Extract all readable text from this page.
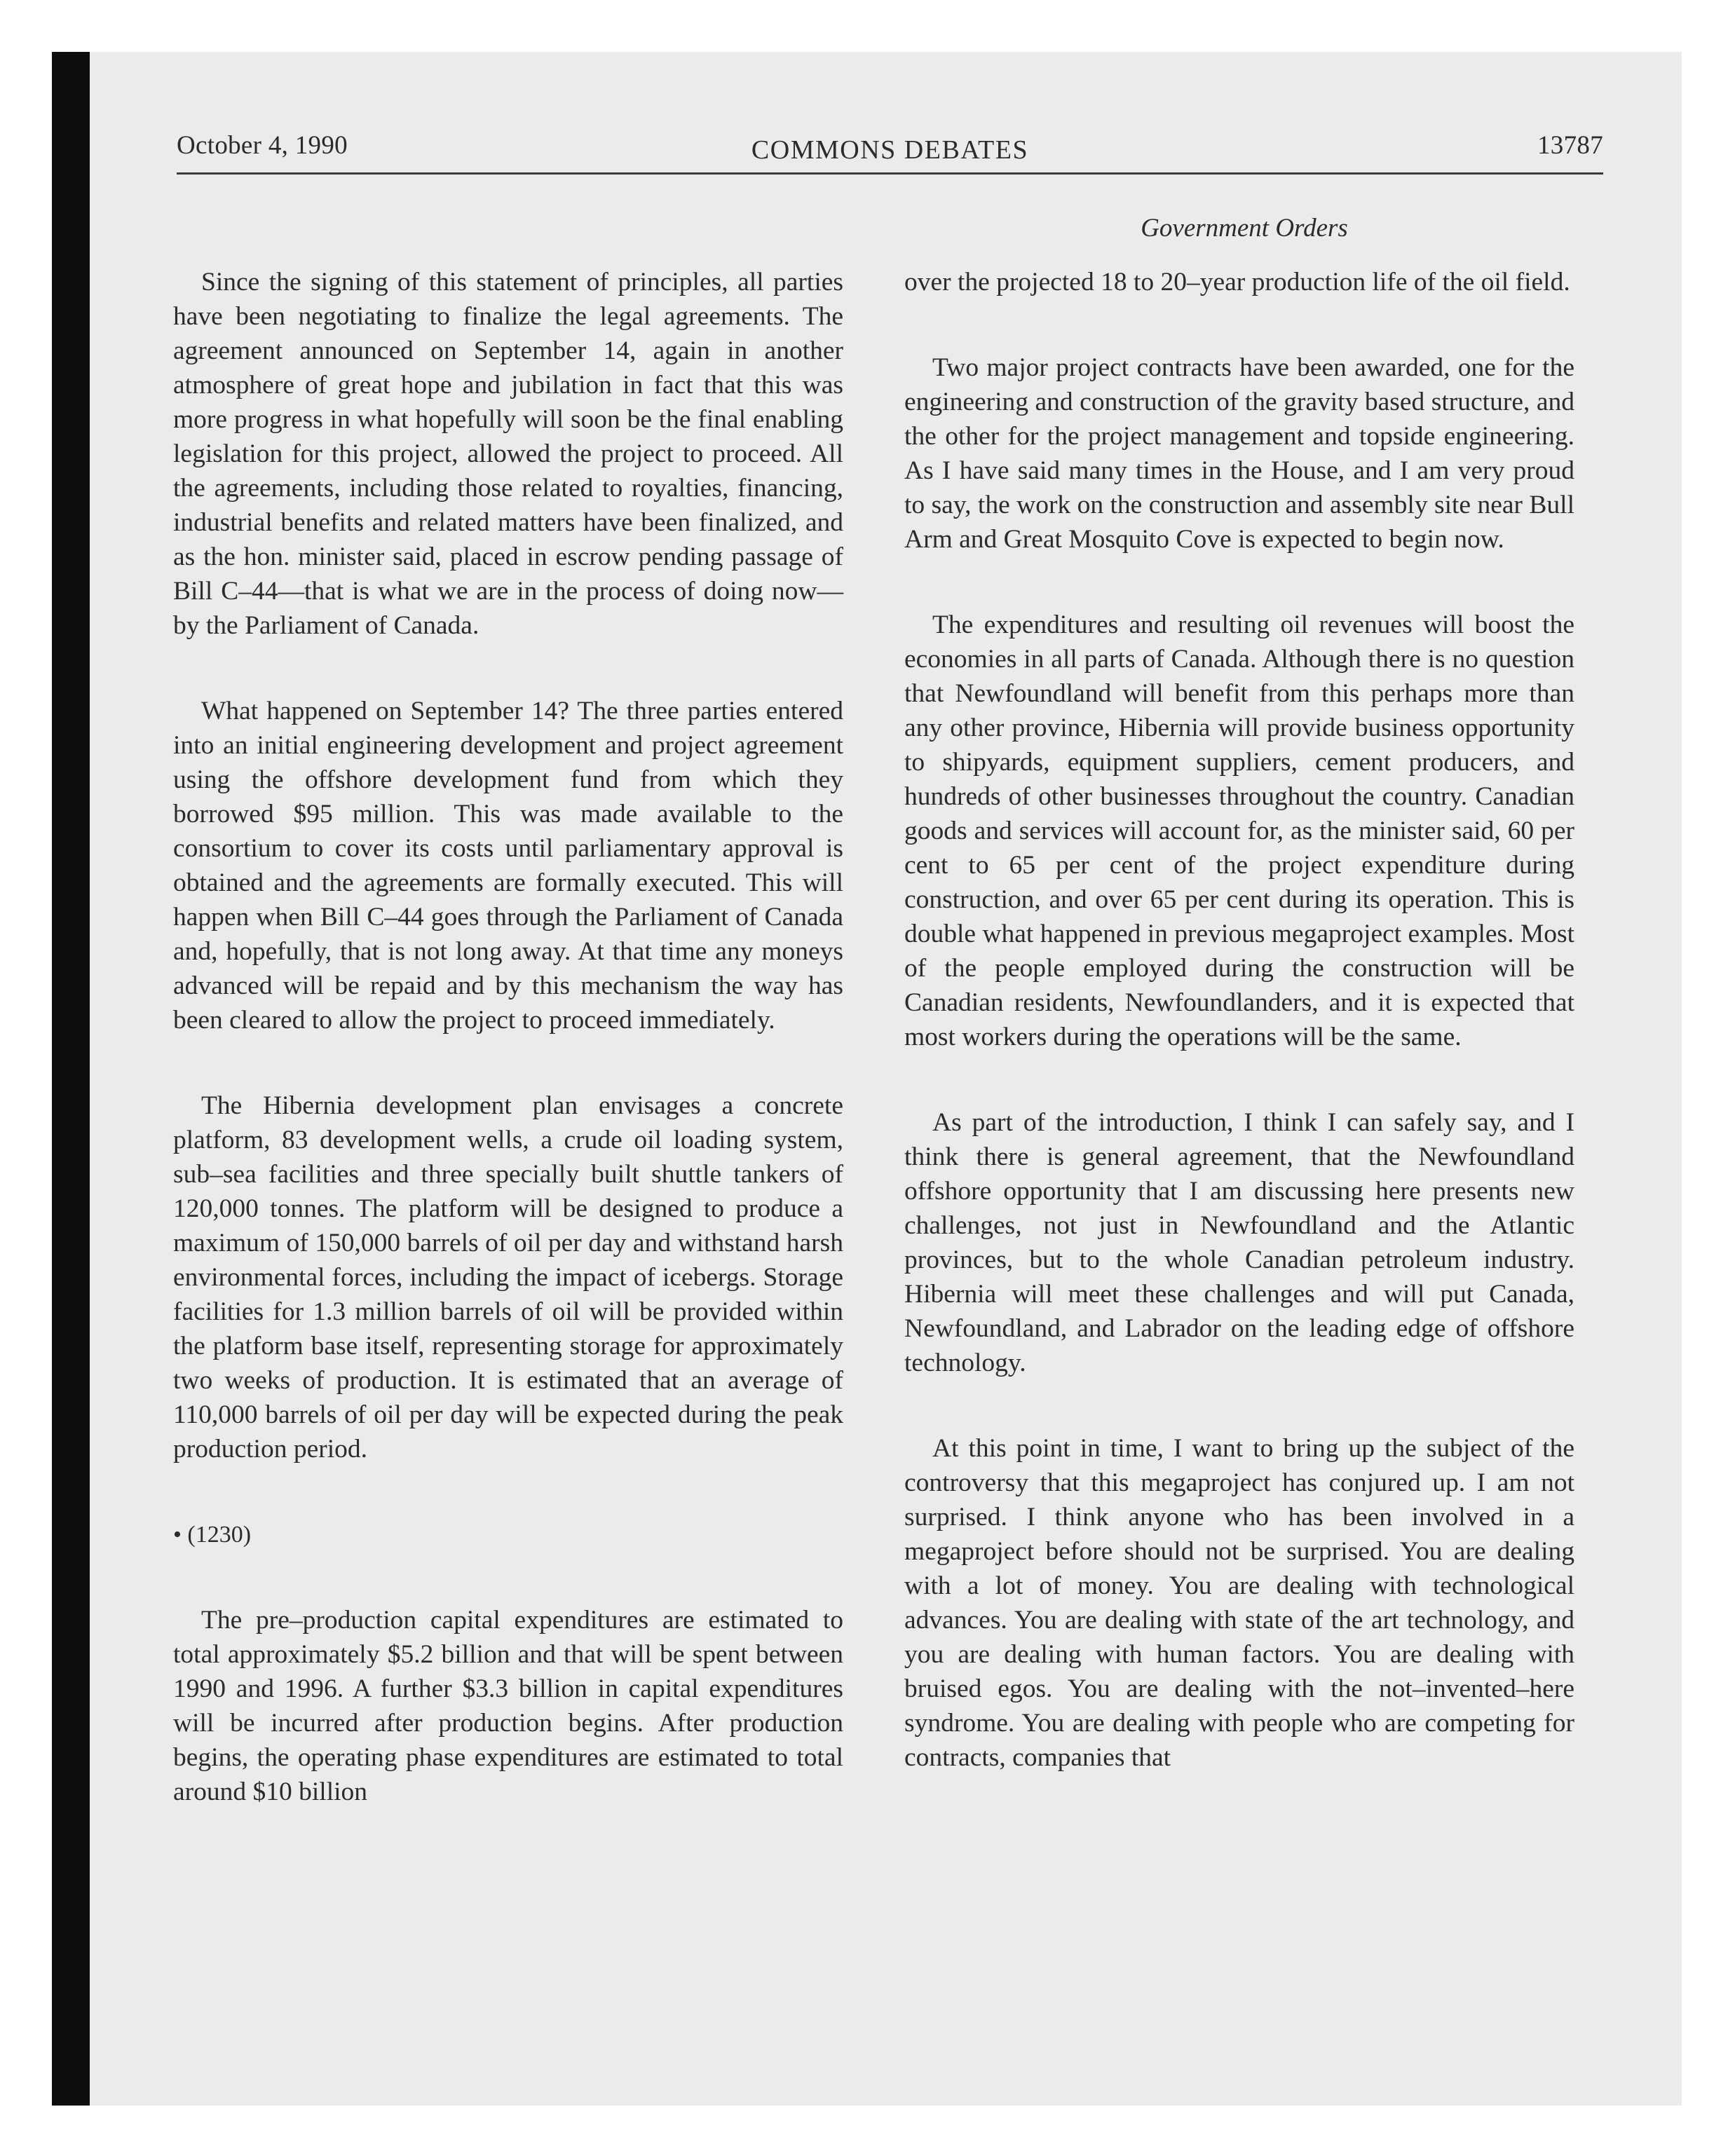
October 4, 1990	COMMONS DEBATES	13787
Government Orders

Since the signing of this statement of principles, all parties have been negotiating to finalize the legal agreements. The agreement announced on September 14, again in another atmosphere of great hope and jubilation in fact that this was more progress in what hopefully will soon be the final enabling legislation for this project, allowed the project to proceed. All the agreements, including those related to royalties, financing, industrial benefits and related matters have been finalized, and as the hon. minister said, placed in escrow pending passage of Bill C–44—that is what we are in the process of doing now—by the Parliament of Canada.

What happened on September 14? The three parties entered into an initial engineering development and project agreement using the offshore development fund from which they borrowed $95 million. This was made available to the consortium to cover its costs until parliamentary approval is obtained and the agreements are formally executed. This will happen when Bill C–44 goes through the Parliament of Canada and, hopefully, that is not long away. At that time any moneys advanced will be repaid and by this mechanism the way has been cleared to allow the project to proceed immediately.

The Hibernia development plan envisages a concrete platform, 83 development wells, a crude oil loading system, sub–sea facilities and three specially built shuttle tankers of 120,000 tonnes. The platform will be designed to produce a maximum of 150,000 barrels of oil per day and withstand harsh environmental forces, including the impact of icebergs. Storage facilities for 1.3 million barrels of oil will be provided within the platform base itself, representing storage for approximately two weeks of production. It is estimated that an average of 110,000 barrels of oil per day will be expected during the peak production period.

• (1230)

The pre–production capital expenditures are estimated to total approximately $5.2 billion and that will be spent between 1990 and 1996. A further $3.3 billion in capital expenditures will be incurred after production begins. After production begins, the operating phase expenditures are estimated to total around $10 billion

over the projected 18 to 20–year production life of the oil field.

Two major project contracts have been awarded, one for the engineering and construction of the gravity based structure, and the other for the project management and topside engineering. As I have said many times in the House, and I am very proud to say, the work on the construction and assembly site near Bull Arm and Great Mosquito Cove is expected to begin now.

The expenditures and resulting oil revenues will boost the economies in all parts of Canada. Although there is no question that Newfoundland will benefit from this perhaps more than any other province, Hibernia will provide business opportunity to shipyards, equipment suppliers, cement producers, and hundreds of other businesses throughout the country. Canadian goods and services will account for, as the minister said, 60 per cent to 65 per cent of the project expenditure during construction, and over 65 per cent during its operation. This is double what happened in previous megaproject examples. Most of the people employed during the construction will be Canadian residents, Newfoundlanders, and it is expected that most workers during the operations will be the same.

As part of the introduction, I think I can safely say, and I think there is general agreement, that the Newfoundland offshore opportunity that I am discussing here presents new challenges, not just in Newfoundland and the Atlantic provinces, but to the whole Canadian petroleum industry. Hibernia will meet these challenges and will put Canada, Newfoundland, and Labrador on the leading edge of offshore technology.

At this point in time, I want to bring up the subject of the controversy that this megaproject has conjured up. I am not surprised. I think anyone who has been involved in a megaproject before should not be surprised. You are dealing with a lot of money. You are dealing with technological advances. You are dealing with state of the art technology, and you are dealing with human factors. You are dealing with bruised egos. You are dealing with the not–invented–here syndrome. You are dealing with people who are competing for contracts, companies that
